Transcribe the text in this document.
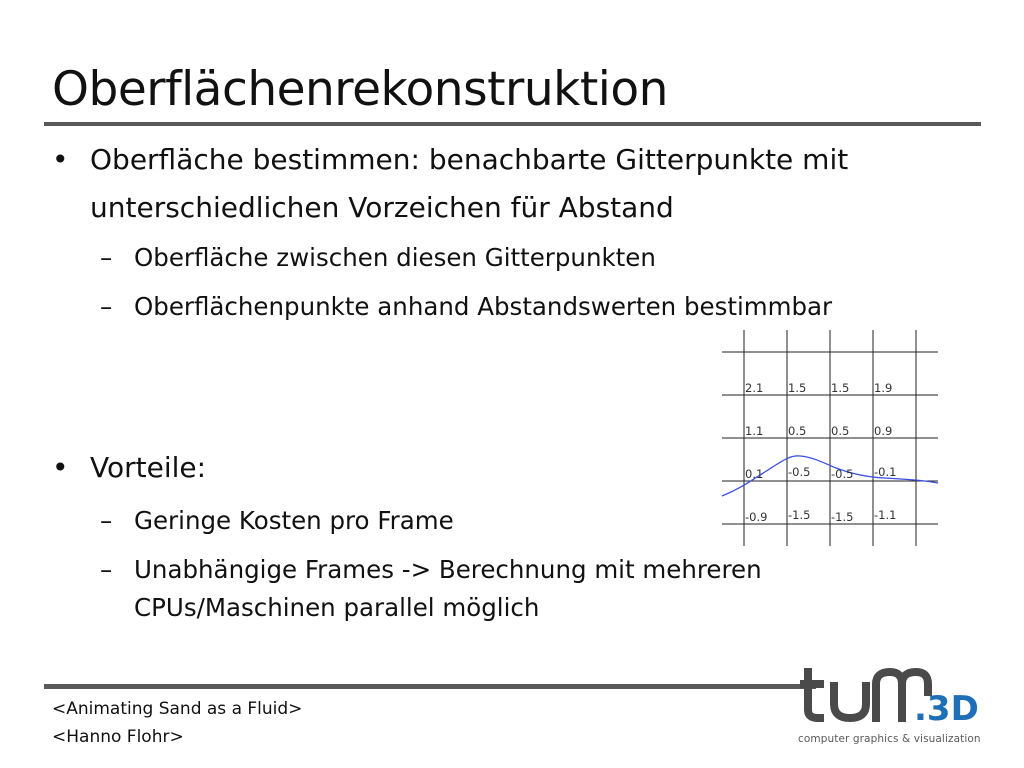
Oberflächenrekonstruktion
• Oberfläche bestimmen: benachbarte Gitterpunkte mit
unterschiedlichen Vorzeichen für Abstand
– Oberfläche zwischen diesen Gitterpunkten
– Oberflächenpunkte anhand Abstandswerten bestimmbar
• Vorteile:
– Geringe Kosten pro Frame
– Unabhängige Frames -> Berechnung mit mehreren
CPUs/Maschinen parallel möglich
2.1 1.5 1.5 1.9
1.1 0.5 0.5 0.9
0.1 -0.5 -0.5 -0.1
-0.9 -1.5 -1.5 -1.1
<Animating Sand as a Fluid>
<Hanno Flohr>
.3D
computer graphics & visualization
